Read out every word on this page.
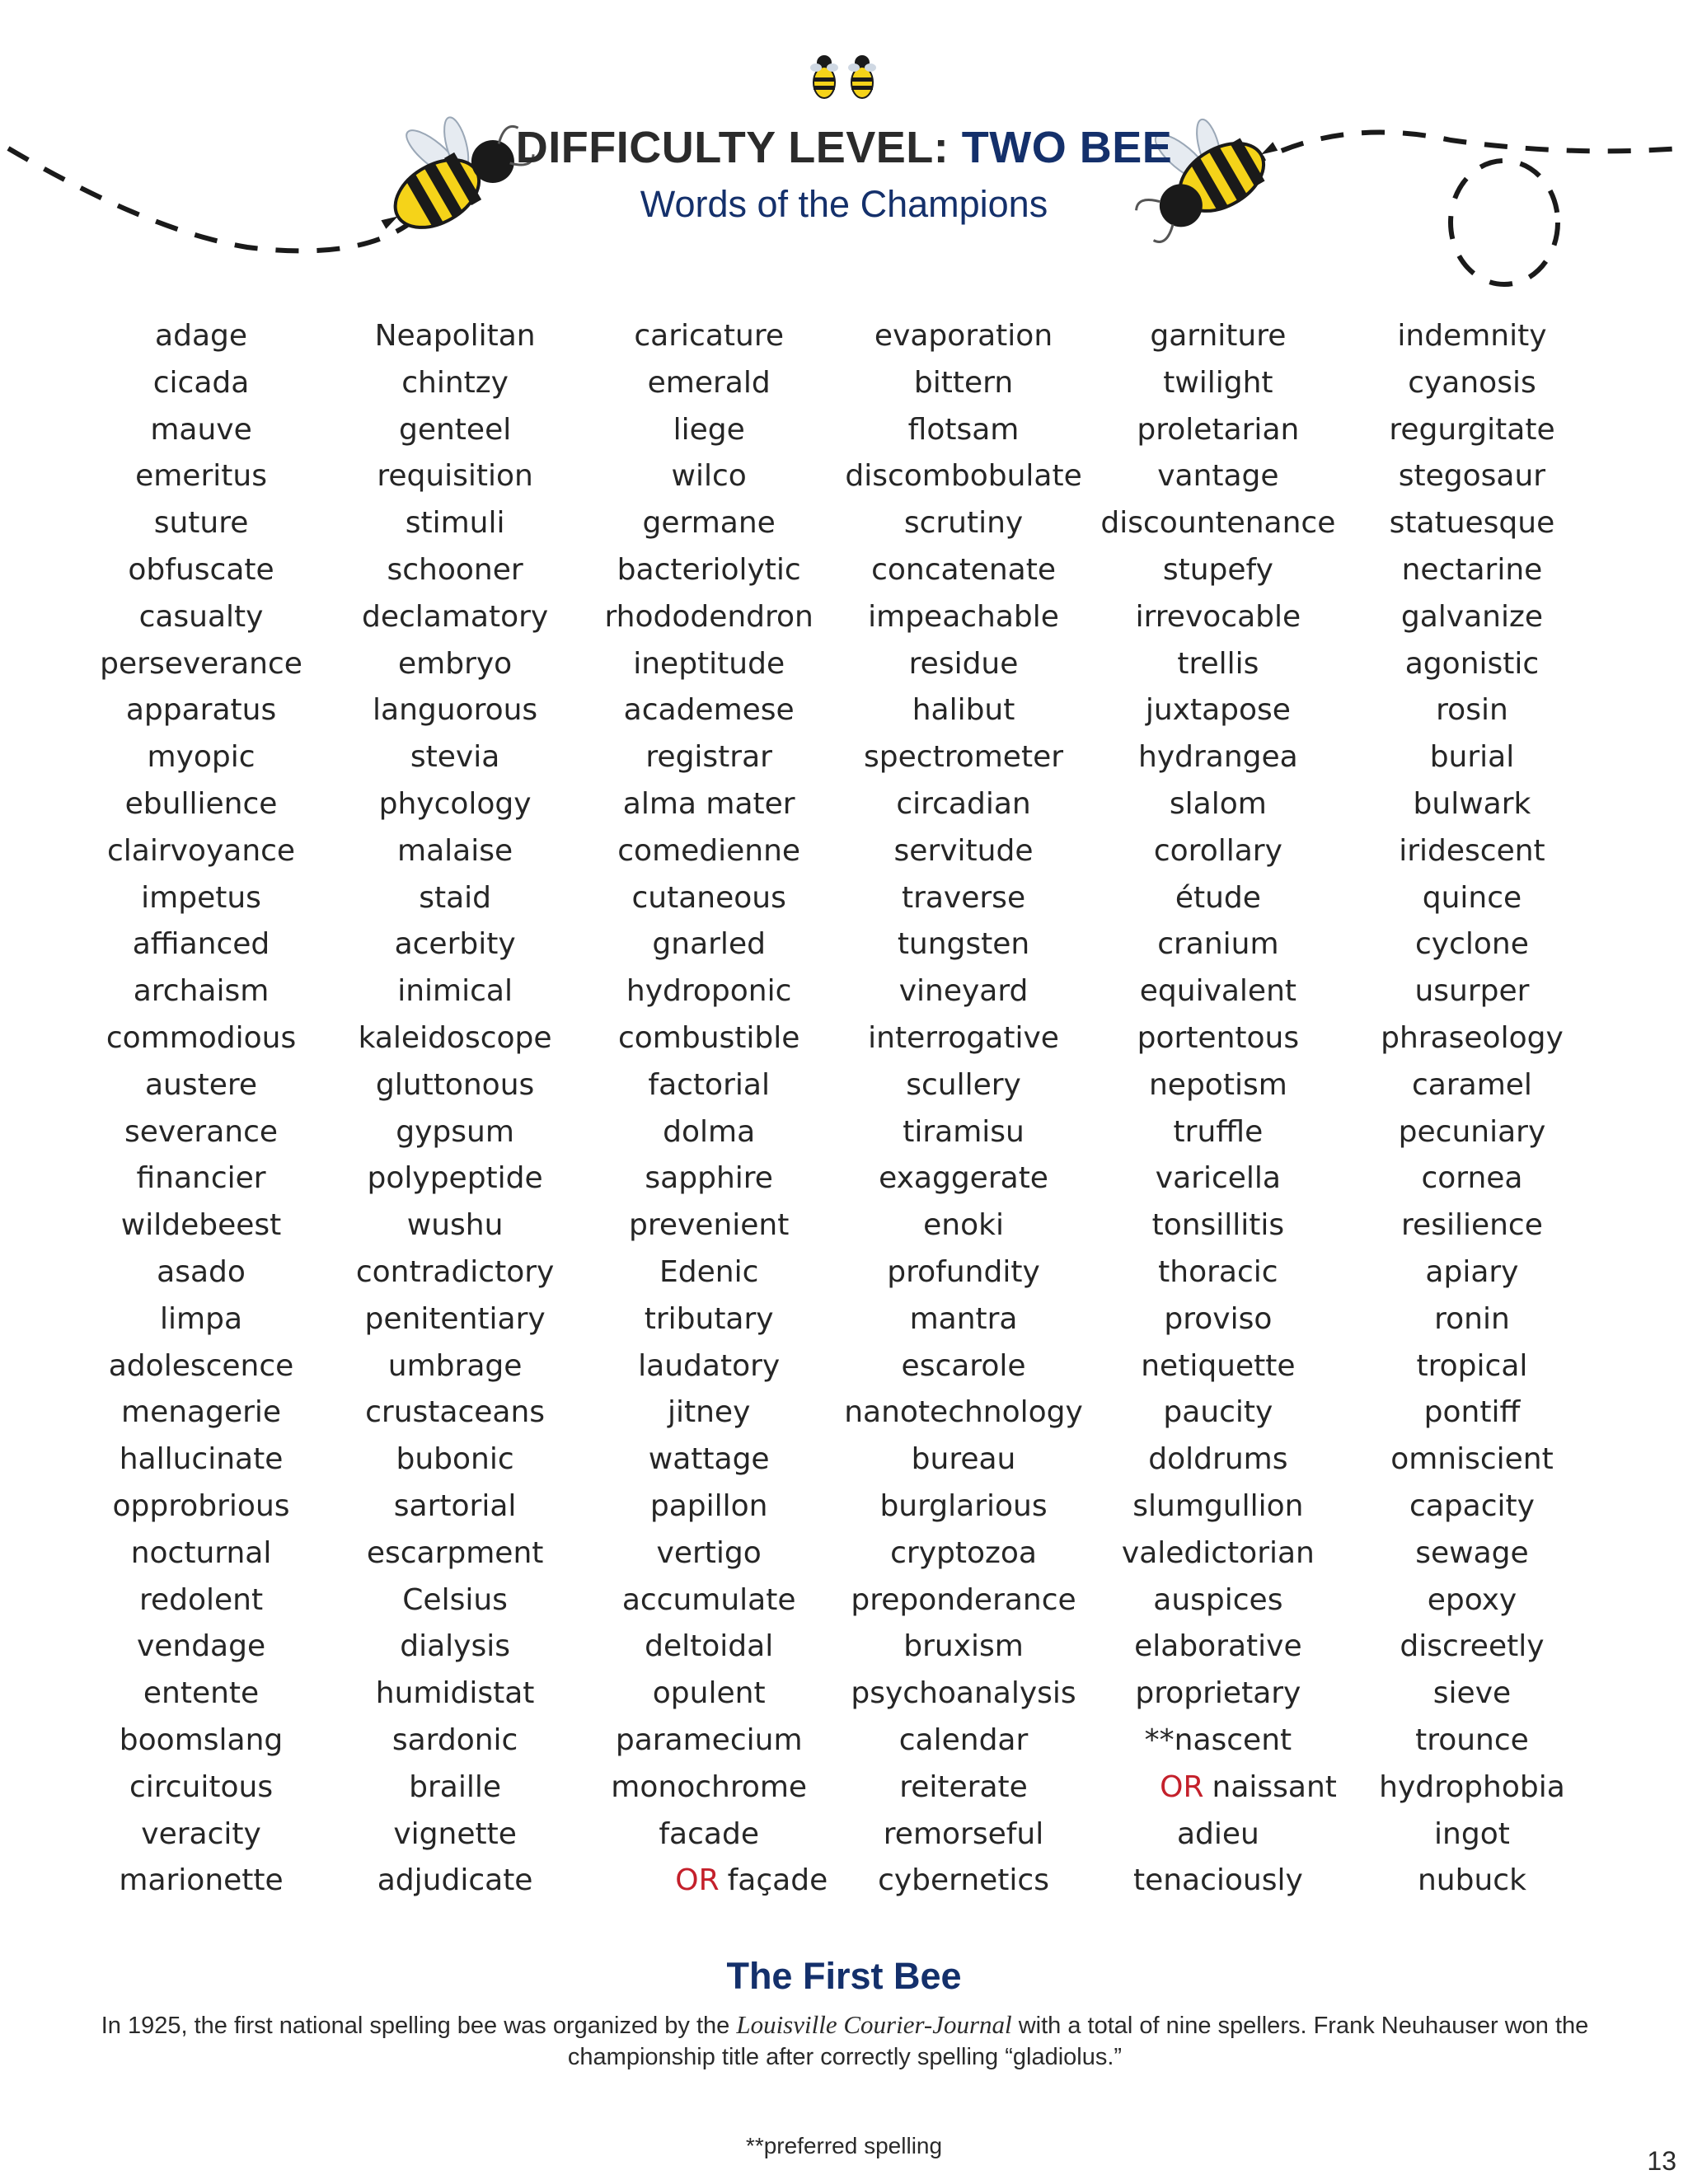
DIFFICULTY LEVEL: TWO BEE
Words of the Champions
adage
cicada
mauve
emeritus
suture
obfuscate
casualty
perseverance
apparatus
myopic
ebullience
clairvoyance
impetus
affianced
archaism
commodious
austere
severance
financier
wildebeest
asado
limpa
adolescence
menagerie
hallucinate
opprobrious
nocturnal
redolent
vendage
entente
boomslang
circuitous
veracity
marionette
Neapolitan
chintzy
genteel
requisition
stimuli
schooner
declamatory
embryo
languorous
stevia
phycology
malaise
staid
acerbity
inimical
kaleidoscope
gluttonous
gypsum
polypeptide
wushu
contradictory
penitentiary
umbrage
crustaceans
bubonic
sartorial
escarpment
Celsius
dialysis
humidistat
sardonic
braille
vignette
adjudicate
caricature
emerald
liege
wilco
germane
bacteriolytic
rhododendron
ineptitude
academese
registrar
alma mater
comedienne
cutaneous
gnarled
hydroponic
combustible
factorial
dolma
sapphire
prevenient
Edenic
tributary
laudatory
jitney
wattage
papillon
vertigo
accumulate
deltoidal
opulent
paramecium
monochrome
facade
OR façade
evaporation
bittern
flotsam
discombobulate
scrutiny
concatenate
impeachable
residue
halibut
spectrometer
circadian
servitude
traverse
tungsten
vineyard
interrogative
scullery
tiramisu
exaggerate
enoki
profundity
mantra
escarole
nanotechnology
bureau
burglarious
cryptozoa
preponderance
bruxism
psychoanalysis
calendar
reiterate
remorseful
cybernetics
garniture
twilight
proletarian
vantage
discountenance
stupefy
irrevocable
trellis
juxtapose
hydrangea
slalom
corollary
étude
cranium
equivalent
portentous
nepotism
truffle
varicella
tonsillitis
thoracic
proviso
netiquette
paucity
doldrums
slumgullion
valedictorian
auspices
elaborative
proprietary
**nascent
OR naissant
adieu
tenaciously
indemnity
cyanosis
regurgitate
stegosaur
statuesque
nectarine
galvanize
agonistic
rosin
burial
bulwark
iridescent
quince
cyclone
usurper
phraseology
caramel
pecuniary
cornea
resilience
apiary
ronin
tropical
pontiff
omniscient
capacity
sewage
epoxy
discreetly
sieve
trounce
hydrophobia
ingot
nubuck
The First Bee
In 1925, the first national spelling bee was organized by the Louisville Courier-Journal with a total of nine spellers. Frank Neuhauser won the championship title after correctly spelling “gladiolus.”
**preferred spelling
13
